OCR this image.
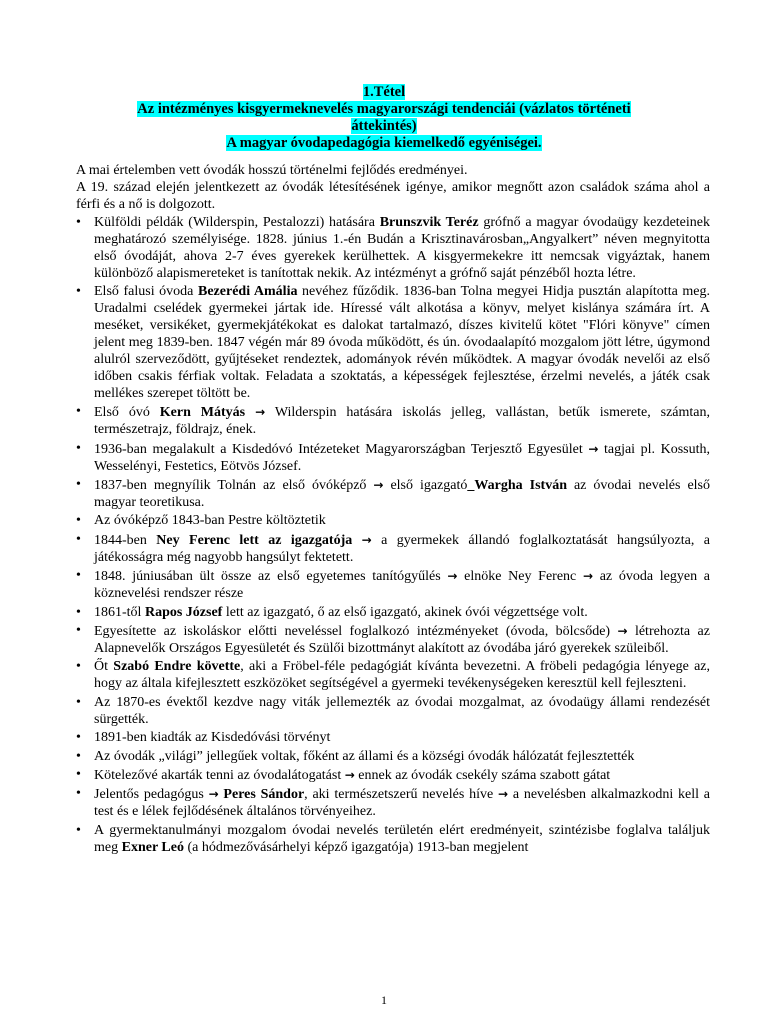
1.Tétel
Az intézményes kisgyermeknevelés magyarországi tendenciái (vázlatos történeti áttekintés)
A magyar óvodapedagógia kiemelkedő egyéniségei.

A mai értelemben vett óvodák hosszú történelmi fejlődés eredményei.

A 19. század elején jelentkezett az óvodák létesítésének igénye, amikor megnőtt azon családok száma ahol a férfi és a nő is dolgozott.

• Külföldi példák (Wilderspin, Pestalozzi) hatására Brunszvik Teréz grófnő a magyar óvodaügy kezdeteinek meghatározó személyisége. 1828. június 1.-én Budán a Krisztinavárosban„Angyalkert” néven megnyitotta első óvodáját, ahova 2-7 éves gyerekek kerülhettek. A kisgyermekekre itt nemcsak vigyáztak, hanem különböző alapismereteket is tanítottak nekik. Az intézményt a grófnő saját pénzéből hozta létre.
• Első falusi óvoda Bezerédi Amália nevéhez fűződik. 1836-ban Tolna megyei Hidja pusztán alapította meg. Uradalmi cselédek gyermekei jártak ide. Híressé vált alkotása a könyv, melyet kislánya számára írt. A meséket, versikéket, gyermekjátékokat es dalokat tartalmazó, díszes kivitelű kötet "Flóri könyve" címen jelent meg 1839-ben. 1847 végén már 89 óvoda működött, és ún. óvodaalapító mozgalom jött létre, úgymond alulról szerveződött, gyűjtéseket rendeztek, adományok révén működtek. A magyar óvodák nevelői az első időben csakis férfiak voltak. Feladata a szoktatás, a képességek fejlesztése, érzelmi nevelés, a játék csak mellékes szerepet töltött be.
• Első óvó Kern Mátyás → Wilderspin hatására iskolás jelleg, vallástan, betűk ismerete, számtan, természetrajz, földrajz, ének.
• 1936-ban megalakult a Kisdedóvó Intézeteket Magyarországban Terjesztő Egyesület → tagjai pl. Kossuth, Wesselényi, Festetics, Eötvös József.
• 1837-ben megnyílik Tolnán az első óvóképző → első igazgató_Wargha István az óvodai nevelés első magyar teoretikusa.
• Az óvóképző 1843-ban Pestre költöztetik
• 1844-ben Ney Ferenc lett az igazgatója → a gyermekek állandó foglalkoztatását hangsúlyozta, a játékosságra még nagyobb hangsúlyt fektetett.
• 1848. júniusában ült össze az első egyetemes tanítógyűlés → elnöke Ney Ferenc → az óvoda legyen a köznevelési rendszer része
• 1861-től Rapos József lett az igazgató, ő az első igazgató, akinek óvói végzettsége volt.
• Egyesítette az iskoláskor előtti neveléssel foglalkozó intézményeket (óvoda, bölcsőde) → létrehozta az Alapnevelők Országos Egyesületét és Szülői bizottmányt alakított az óvodába járó gyerekek szüleiből.
• Őt Szabó Endre követte, aki a Fröbel-féle pedagógiát kívánta bevezetni. A fröbeli pedagógia lényege az, hogy az általa kifejlesztett eszközöket segítségével a gyermeki tevékenységeken keresztül kell fejleszteni.
• Az 1870-es évektől kezdve nagy viták jellemezték az óvodai mozgalmat, az óvodaügy állami rendezését sürgették.
• 1891-ben kiadták az Kisdedóvási törvényt
• Az óvodák „világi” jellegűek voltak, főként az állami és a községi óvodák hálózatát fejlesztették
• Kötelezővé akarták tenni az óvodalátogatást → ennek az óvodák csekély száma szabott gátat
• Jelentős pedagógus → Peres Sándor, aki természetszerű nevelés híve → a nevelésben alkalmazkodni kell a test és e lélek fejlődésének általános törvényeihez.
• A gyermektanulmányi mozgalom óvodai nevelés területén elért eredményeit, szintézisbe foglalva találjuk meg Exner Leó (a hódmezővásárhelyi képző igazgatója) 1913-ban megjelent
1
